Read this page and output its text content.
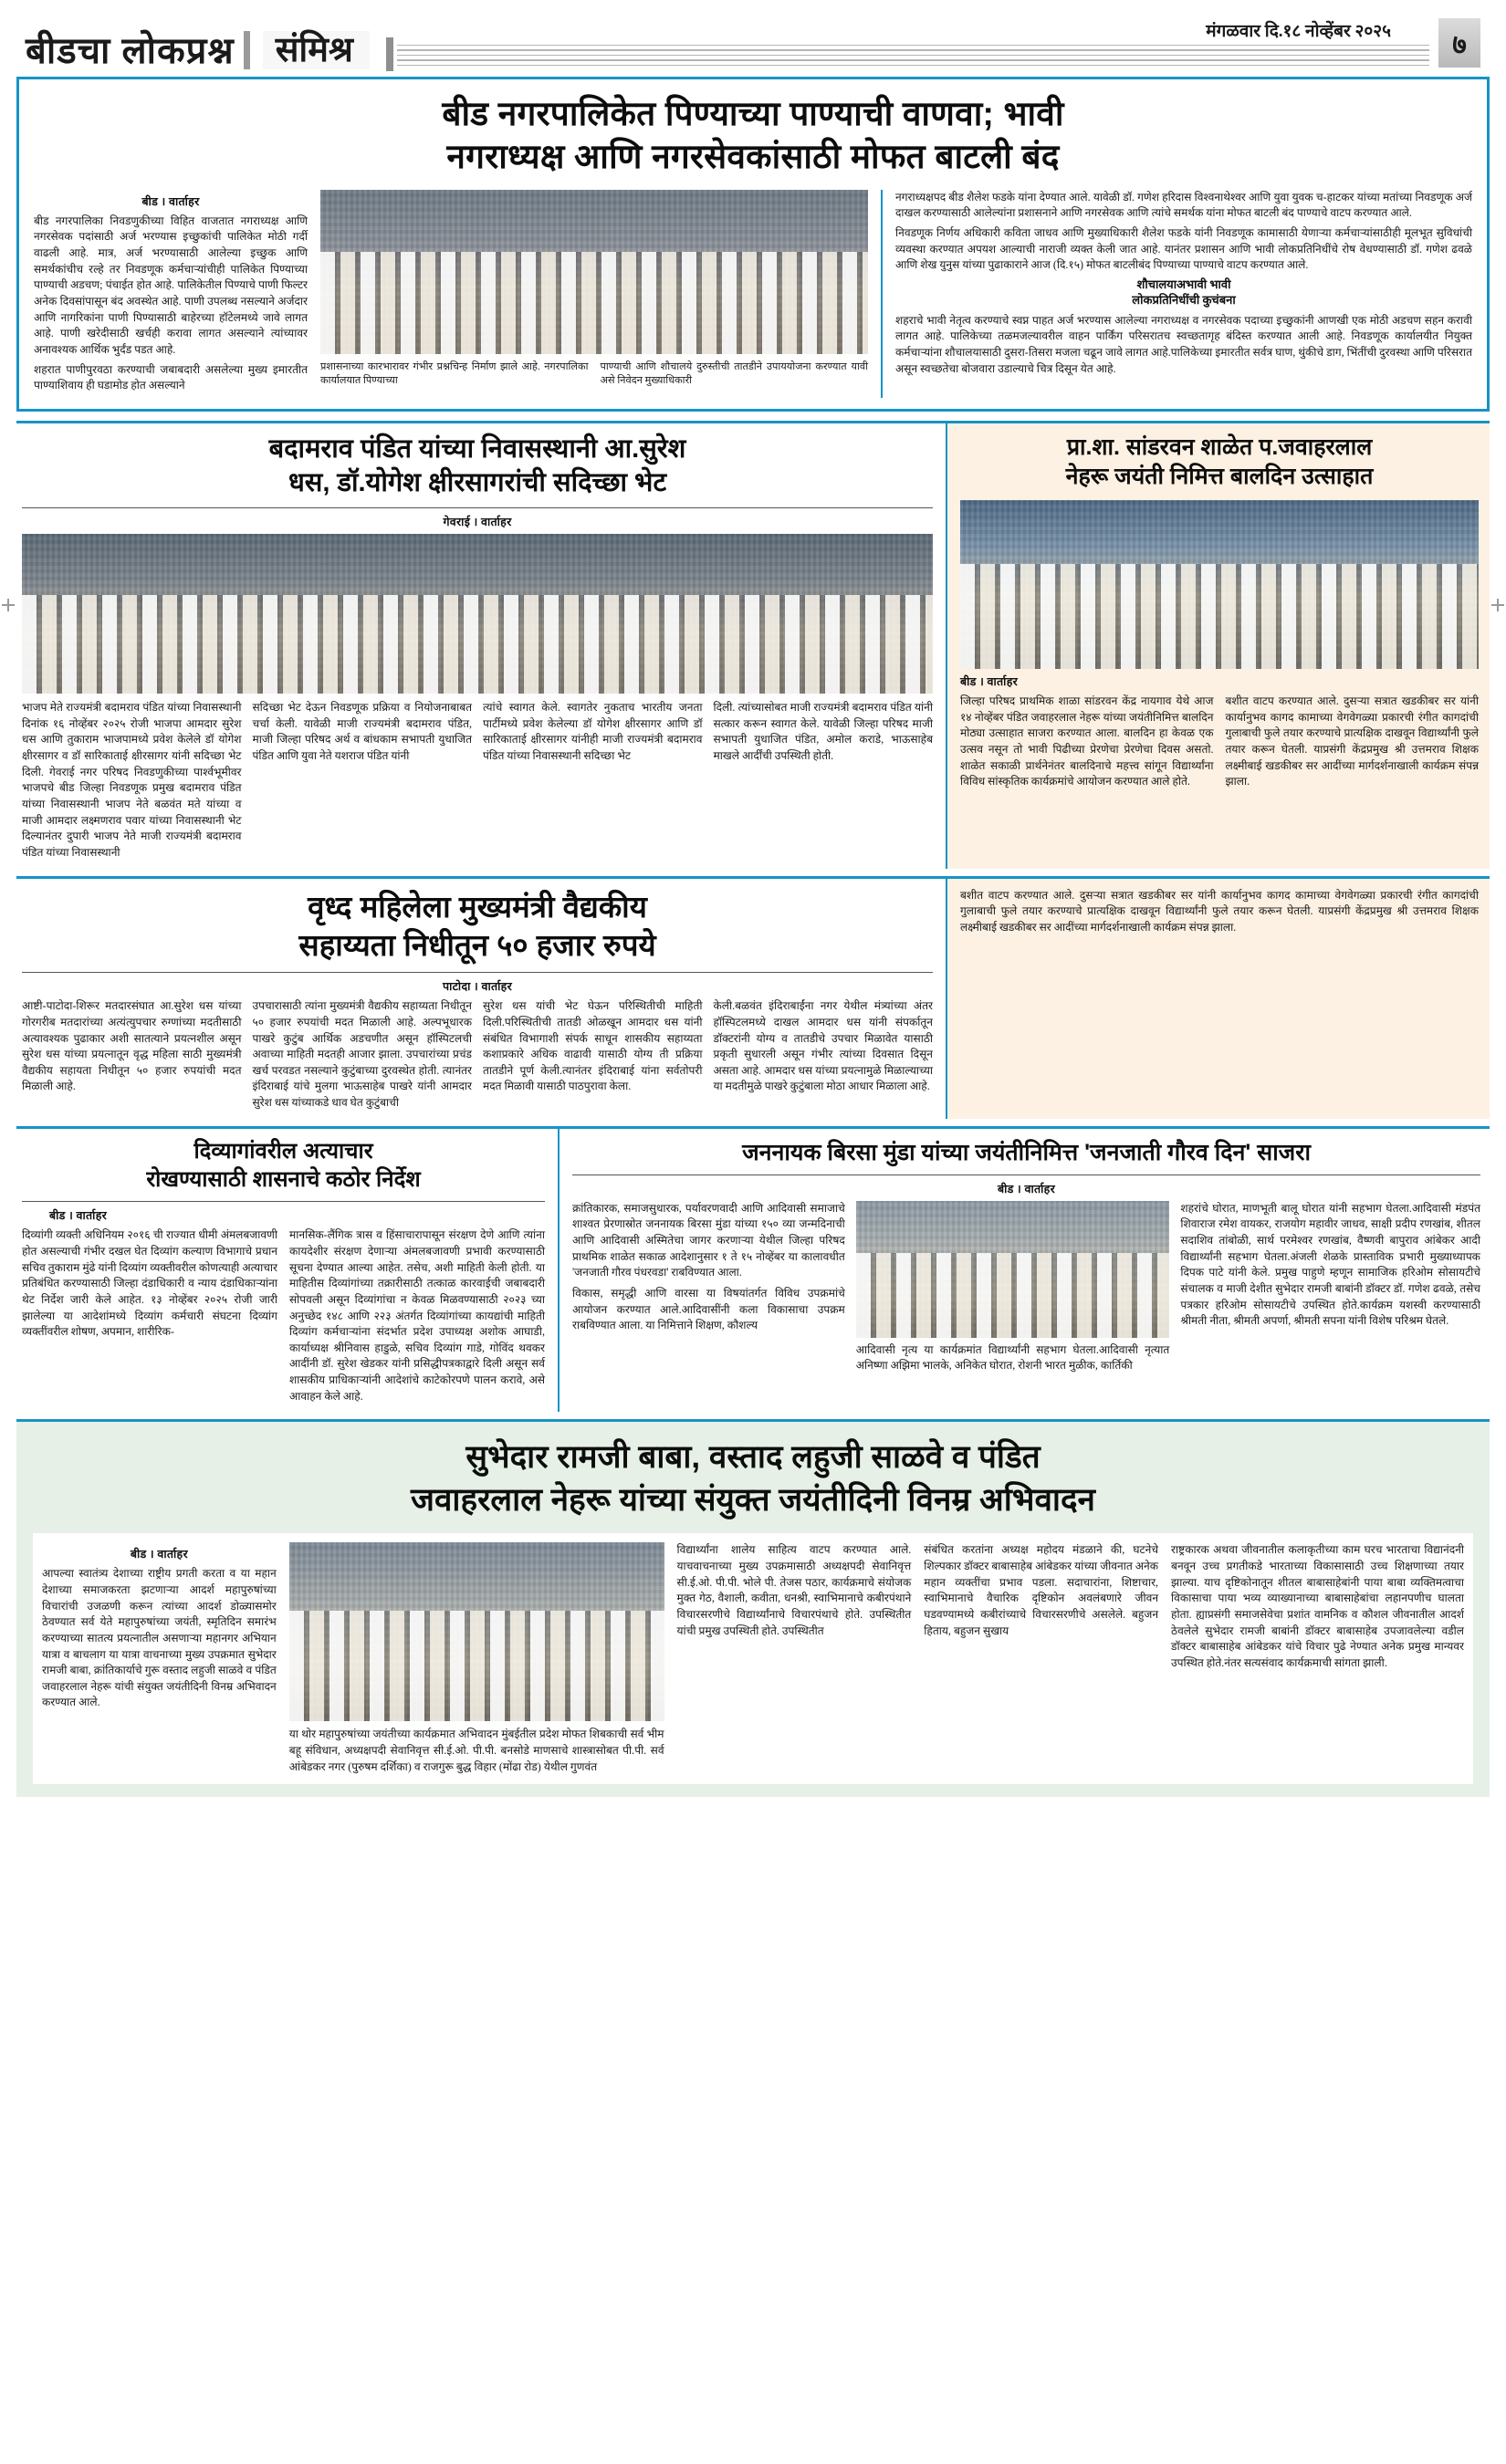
बीडचा लोकप्रश्न	संमिश्र	मंगळवार दि.१८ नोव्हेंबर २०२५	७
बीड नगरपालिकेत पिण्याच्या पाण्याची वाणवा; भावी
नगराध्यक्ष आणि नगरसेवकांसाठी मोफत बाटली बंद
बीड । वार्ताहर

बीड नगरपालिका निवडणुकीच्या विहित वाजतात नगराध्यक्ष आणि नगरसेवक पदांसाठी अर्ज भरण्यास इच्छुकांची पालिकेत मोठी गर्दी वाढली आहे. मात्र, अर्ज भरण्यासाठी आलेल्या इच्छुक आणि समर्थकांचीच रल्हे तर निवडणूक कर्मचार्‍यांचीही पालिकेत पिण्याच्या पाण्याची अडचण; पंचाईत होत आहे. पालिकेतील पिण्याचे पाणी फिल्टर अनेक दिवसांपासून बंद अवस्थेत आहे. पाणी उपलब्ध नसल्याने अर्जदार आणि नागरिकांना पाणी पिण्यासाठी बाहेरच्या हॉटेलमध्ये जावे लागत आहे. पाणी खरेदीसाठी खर्चही करावा लागत असल्याने त्यांच्यावर अनावश्यक आर्थिक भुर्दंड पडत आहे.

शहरात पाणीपुरवठा करण्याची जबाबदारी असलेल्या मुख्य इमारतीत पाण्याशिवाय ही घडामोड होत असल्याने

प्रशासनाच्या कारभारावर गंभीर प्रश्नचिन्ह निर्माण झाले आहे. नगरपालिका कार्यालयात पिण्याच्या
पाण्याची आणि शौचालये दुरुस्तीची तातडीने उपाययोजना करण्यात यावी असे निवेदन मुख्याधिकारी

नगराध्यक्षपद बीड शैलेश फडके यांना देण्यात आले. यावेळी डॉ. गणेश हरिदास विश्वनाथेश्वर आणि युवा युवक च-हाटकर यांच्या मतांच्या निवडणूक अर्ज दाखल करण्यासाठी आलेल्यांना प्रशासनाने आणि नगरसेवक आणि त्यांचे समर्थक यांना मोफत बाटली बंद पाण्याचे वाटप करण्यात आले.

निवडणूक निर्णय अधिकारी कविता जाधव आणि मुख्याधिकारी शैलेश फडके यांनी निवडणूक कामासाठी येणार्‍या कर्मचार्‍यांसाठीही मूलभूत सुविधांची व्यवस्था करण्यात अपयश आल्याची नाराजी व्यक्त केली जात आहे. यानंतर प्रशासन आणि भावी लोकप्रतिनिधींचे रोष वेधण्यासाठी डॉ. गणेश ढवळे आणि शेख युनुस यांच्या पुढाकाराने आज (दि.१५) मोफत बाटलीबंद पिण्याच्या पाण्याचे वाटप करण्यात आले.

शौचालयाअभावी भावी
लोकप्रतिनिधींची कुचंबना

शहराचे भावी नेतृत्व करण्याचे स्वप्न पाहत अर्ज भरण्यास आलेल्या नगराध्यक्ष व नगरसेवक पदाच्या इच्छुकांनी आणखी एक मोठी अडचण सहन करावी लागत आहे. पालिकेच्या तळमजल्यावरील वाहन पार्किंग परिसरातच स्वच्छतागृह बंदिस्त करण्यात आली आहे. निवडणूक कार्यालयीत नियुक्त कर्मचार्‍यांना शौचालयासाठी दुसरा-तिसरा मजला चढून जावे लागत आहे.पालिकेच्या इमारतीत सर्वत्र घाण, थुंकीचे डाग, भिंतींची दुरवस्था आणि परिसरात असून स्वच्छतेचा बोजवारा उडाल्याचे चित्र दिसून येत आहे.

बदामराव पंडित यांच्या निवासस्थानी आ.सुरेश
धस, डॉ.योगेश क्षीरसागरांची सदिच्छा भेट
गेवराई । वार्ताहर
भाजप मेते राज्यमंत्री बदामराव पंडित यांच्या निवासस्थानी दिनांक १६ नोव्हेंबर २०२५ रोजी भाजपा आमदार सुरेश धस आणि तुकाराम भाजपामध्ये प्रवेश केलेले डॉ योगेश क्षीरसागर व डॉ सारिकाताई क्षीरसागर यांनी सदिच्छा भेट दिली. गेवराई नगर परिषद निवडणुकीच्या पार्श्वभूमीवर भाजपचे बीड जिल्हा निवडणूक प्रमुख बदामराव पंडित यांच्या निवासस्थानी भाजप नेते बळवंत मते यांच्या व माजी आमदार लक्ष्मणराव पवार यांच्या निवासस्थानी भेट दिल्यानंतर दुपारी भाजप नेते माजी राज्यमंत्री बदामराव पंडित यांच्या निवासस्थानी
सदिच्छा भेट देऊन निवडणूक प्रक्रिया व नियोजनाबाबत चर्चा केली. यावेळी माजी राज्यमंत्री बदामराव पंडित, माजी जिल्हा परिषद अर्थ व बांधकाम सभापती युधाजित पंडित आणि युवा नेते यशराज पंडित यांनी
त्यांचे स्वागत केले. स्वागतेर नुकताच भारतीय जनता पार्टीमध्ये प्रवेश केलेल्या डॉ योगेश क्षीरसागर आणि डॉ सारिकाताई क्षीरसागर यांनीही माजी राज्यमंत्री बदामराव पंडित यांच्या निवासस्थानी सदिच्छा भेट
दिली. त्यांच्यासोबत माजी राज्यमंत्री बदामराव पंडित यांनी सत्कार करून स्वागत केले. यावेळी जिल्हा परिषद माजी सभापती युधाजित पंडित, अमोल कराडे, भाऊसाहेब माखले आर्दींची उपस्थिती होती.
प्रा.शा. सांडरवन शाळेत प.जवाहरलाल
नेहरू जयंती निमित्त बालदिन उत्साहात
बीड । वार्ताहर
जिल्हा परिषद प्राथमिक शाळा सांडरवन केंद्र नायगाव येथे आज १४ नोव्हेंबर पंडित जवाहरलाल नेहरू यांच्या जयंतीनिमित्त बालदिन मोठ्या उत्साहात साजरा करण्यात आला. बालदिन हा केवळ एक उत्सव नसून तो भावी पिढीच्या प्रेरणेचा प्रेरणेचा दिवस असतो. शाळेत सकाळी प्रार्थनेनंतर बालदिनाचे महत्त्व सांगून विद्यार्थ्यांना विविध सांस्कृतिक कार्यक्रमांचे आयोजन करण्यात आले होते.
बशीत वाटप करण्यात आले. दुसऱ्या सत्रात खडकीबर सर यांनी कार्यानुभव कागद कामाच्या वेगवेगळ्या प्रकारची रंगीत कागदांची गुलाबाची फुले तयार करण्याचे प्रात्यक्षिक दाखवून विद्यार्थ्यांनी फुले तयार करून घेतली. याप्रसंगी केंद्रप्रमुख श्री उत्तमराव शिक्षक लक्ष्मीबाई खडकीबर सर आदींच्या मार्गदर्शनाखाली कार्यक्रम संपन्न झाला.
वृध्द महिलेला मुख्यमंत्री वैद्यकीय
सहाय्यता निधीतून ५० हजार रुपये
पाटोदा । वार्ताहर
आष्टी-पाटोदा-शिरूर मतदारसंघात आ.सुरेश धस यांच्या गोरगरीब मतदारांच्या अत्यंत्युपचार रुग्णांच्या मदतीसाठी अत्यावश्यक पुढाकार अशी सातत्याने प्रयत्नशील असून सुरेश धस यांच्या प्रयत्नातून वृद्ध महिला साठी मुख्यमंत्री वैद्यकीय सहायता निधीतून ५० हजार रुपयांची मदत मिळाली आहे.
उपचारासाठी त्यांना मुख्यमंत्री वैद्यकीय सहाय्यता निधीतून ५० हजार रुपयांची मदत मिळाली आहे. अल्पभूधारक पाखरे कुटुंब आर्थिक अडचणीत असून हॉस्पिटलची अवाच्या माहिती मदतही आजार झाला. उपचारांच्या प्रचंड खर्च परवडत नसल्याने कुटुंबाच्या दुरवस्थेत होती. त्यानंतर इंदिराबाई यांचे मुलगा भाऊसाहेब पाखरे यांनी आमदार सुरेश धस यांच्याकडे धाव घेत कुटुंबाची
सुरेश धस यांची भेट घेऊन परिस्थितीची माहिती दिली.परिस्थितीची तातडी ओळखून आमदार धस यांनी संबंधित विभागाशी संपर्क साधून शासकीय सहाय्यता कशाप्रकारे अधिक वाढावी यासाठी योग्य ती प्रक्रिया तातडीने पूर्ण केली.त्यानंतर इंदिराबाई यांना सर्वतोपरी मदत मिळावी यासाठी पाठपुरावा केला.
केली.बळवंत इंदिराबाईंना नगर येथील मंत्र्यांच्या अंतर हॉस्पिटलमध्ये दाखल आमदार धस यांनी संपर्कातून डॉक्टरांनी योग्य व तातडीचे उपचार मिळावेत यासाठी प्रकृती सुधारली असून गंभीर त्यांच्या दिवसात दिसून असता आहे. आमदार धस यांच्या प्रयत्नामुळे मिळाल्याच्या या मदतीमुळे पाखरे कुटुंबाला मोठा आधार मिळाला आहे.
बशीत वाटप करण्यात आले. दुसऱ्या सत्रात खडकीबर सर यांनी कार्यानुभव कागद कामाच्या वेगवेगळ्या प्रकारची रंगीत कागदांची गुलाबाची फुले तयार करण्याचे प्रात्यक्षिक दाखवून विद्यार्थ्यांनी फुले तयार करून घेतली. याप्रसंगी केंद्रप्रमुख श्री उत्तमराव शिक्षक लक्ष्मीबाई खडकीबर सर आदींच्या मार्गदर्शनाखाली कार्यक्रम संपन्न झाला.
दिव्यागांवरील अत्याचार
रोखण्यासाठी शासनाचे कठोर निर्देश
बीड । वार्ताहर
दिव्यांगी व्यक्ती अधिनियम २०१६ ची राज्यात धीमी अंमलबजावणी होत असल्याची गंभीर दखल घेत दिव्यांग कल्याण विभागाचे प्रधान सचिव तुकाराम मुंढे यांनी दिव्यांग व्यक्तीवरील कोणत्याही अत्याचार प्रतिबंधित करण्यासाठी जिल्हा दंडाधिकारी व न्याय दंडाधिकाऱ्यांना थेट निर्देश जारी केले आहेत. १३ नोव्हेंबर २०२५ रोजी जारी झालेल्या या आदेशांमध्ये दिव्यांग कर्मचारी संघटना दिव्यांग व्यक्तींवरील शोषण, अपमान, शारीरिक-
मानसिक-लैंगिक त्रास व हिंसाचारापासून संरक्षण देणे आणि त्यांना कायदेशीर संरक्षण देणाऱ्या अंमलबजावणी प्रभावी करण्यासाठी सूचना देण्यात आल्या आहेत. तसेच, अशी माहिती केली होती. या माहितीस दिव्यांगांच्या तक्रारीसाठी तत्काळ कारवाईची जबाबदारी सोपवली असून दिव्यांगांचा न केवळ मिळवण्यासाठी २०२३ च्या अनुच्छेद १४८ आणि २२३ अंतर्गत दिव्यांगांच्या कायद्यांची माहिती दिव्यांग कर्मचाऱ्यांना संदर्भात प्रदेश उपाध्यक्ष अशोक आघाडी, कार्याध्यक्ष श्रीनिवास हाडुळे, सचिव दिव्यांग गाडे, गोविंद थवकर आदींनी डॉ. सुरेश खेडकर यांनी प्रसिद्धीपत्रकाद्वारे दिली असून सर्व शासकीय प्राधिकाऱ्यांनी आदेशांचे काटेकोरपणे पालन करावे, असे आवाहन केले आहे.
जननायक बिरसा मुंडा यांच्या जयंतीनिमित्त 'जनजाती गौरव दिन' साजरा
बीड । वार्ताहर
क्रांतिकारक, समाजसुधारक, पर्यावरणवादी आणि आदिवासी समाजाचे शाश्वत प्रेरणास्रोत जननायक बिरसा मुंडा यांच्या १५० व्या जन्मदिनाची आणि आदिवासी अस्मितेचा जागर करणाऱ्या येथील जिल्हा परिषद प्राथमिक शाळेत सकाळ आदेशानुसार १ ते १५ नोव्हेंबर या कालावधीत 'जनजाती गौरव पंधरवडा' राबविण्यात आला.
विकास, समृद्धी आणि वारसा या विषयांतर्गत विविध उपक्रमांचे आयोजन करण्यात आले.आदिवासींनी कला विकासाचा उपक्रम राबविण्यात आला. या निमित्ताने शिक्षण, कौशल्य
आदिवासी नृत्य या कार्यक्रमांत विद्यार्थ्यांनी सहभाग घेतला.आदिवासी नृत्यात अनिष्णा अझिमा भालके, अनिकेत घोरात, रोशनी भारत मुळीक, कार्तिकी
शहरांचे घोरात, माणभूती बालू घोरात यांनी सहभाग घेतला.आदिवासी मंडपंत शिवाराज रमेश वायकर, राजयोग महावीर जाधव, साक्षी प्रदीप रणखांब, शीतल सदाशिव तांबोळी, सार्थ परमेश्वर रणखांब, वैष्णवी बापुराव आंबेकर आदी विद्यार्थ्यांनी सहभाग घेतला.अंजली शेळके प्रास्ताविक प्रभारी मुख्याध्यापक दिपक पाटे यांनी केले. प्रमुख पाहुणे म्हणून सामाजिक हरिओम सोसायटीचे संचालक व माजी देशीत सुभेदार रामजी बाबांनी डॉक्टर डॉ. गणेश ढवळे, तसेच पत्रकार हरिओम सोसायटीचे उपस्थित होते.कार्यक्रम यशस्वी करण्यासाठी श्रीमती नीता, श्रीमती अपर्णा, श्रीमती सपना यांनी विशेष परिश्रम घेतले.
सुभेदार रामजी बाबा, वस्ताद लहुजी साळवे व पंडित
जवाहरलाल नेहरू यांच्या संयुक्त जयंतीदिनी विनम्र अभिवादन
बीड । वार्ताहर
आपल्या स्वातंत्र्य देशाच्या राष्ट्रीय प्रगती करता व या महान देशाच्या समाजकरता झटणाऱ्या आदर्श महापुरुषांच्या विचारांची उजळणी करून त्यांच्या आदर्श डोळ्यासमोर ठेवण्यात सर्व येते महापुरुषांच्या जयंती, स्मृतिदिन समारंभ करण्याच्या सातत्य प्रयत्नातील असणाऱ्या महानगर अभियान यात्रा व बाचलाग या यात्रा वाचनाच्या मुख्य उपक्रमात सुभेदार रामजी बाबा, क्रांतिकार्याचे गुरू वस्ताद लहुजी साळवे व पंडित जवाहरलाल नेहरू यांची संयुक्त जयंतीदिनी विनम्र अभिवादन करण्यात आले.
या थोर महापुरुषांच्या जयंतीच्या कार्यक्रमात अभिवादन मुंबईतील प्रदेश मोफत शिबकाची सर्व भीम बहू संविधान, अध्यक्षपदी सेवानिवृत्त सी.ई.ओ. पी.पी. बनसोडे माणसाचे शास्त्रासोबत पी.पी. सर्व आंबेडकर नगर (पुरुषम दर्शिका) व राजगुरू बुद्ध विहार (मोंढा रोड) येथील गुणवंत
विद्यार्थ्यांना शालेय साहित्य वाटप करण्यात आले. याचवाचनाच्या मुख्य उपक्रमासाठी अध्यक्षपदी सेवानिवृत्त सी.ई.ओ. पी.पी. भोले पी. तेजस पठार, कार्यक्रमाचे संयोजक मुक्त गेठ, वैशाली, कवीता, धनश्री, स्वाभिमानाचे कबीरपंथाने विचारसरणीचे विद्यार्थ्यांनाचे विचारपंथाचे होते. उपस्थितीत यांची प्रमुख उपस्थिती होते. उपस्थितीत
संबंधित करतांना अध्यक्ष महोदय मंडळाने की, घटनेचे शिल्पकार डॉक्टर बाबासाहेब आंबेडकर यांच्या जीवनात अनेक महान व्यक्तींचा प्रभाव पडला. सदाचारांना, शिष्टाचार, स्वाभिमानाचे वैचारिक दृष्टिकोन अवलंबणारे जीवन घडवण्यामध्ये कबीरांच्याचे विचारसरणीचे असलेले. बहुजन हिताय, बहुजन सुखाय
राष्ट्रकारक अथवा जीवनातील कलाकृतीच्या काम घरच भारताचा विद्यानंदनी बनवून उच्च प्रगतीकडे भारताच्या विकासासाठी उच्च शिक्षणाच्या तयार झाल्या. याच दृष्टिकोनातून शीतल बाबासाहेबांनी पाया बाबा व्यक्तिमत्वाचा विकासाचा पाया भव्य व्याख्यानाच्या बाबासाहेबांचा लहानपणीच घालता होता. ह्याप्रसंगी समाजसेवेचा प्रशांत वामनिक व कौशल जीवनातील आदर्श ठेवलेले सुभेदार रामजी बाबांनी डॉक्टर बाबासाहेब उपजावलेल्या वडील डॉक्टर बाबासाहेब आंबेडकर यांचे विचार पुढे नेण्यात अनेक प्रमुख मान्यवर उपस्थित होते.नंतर सत्यसंवाद कार्यक्रमाची सांगता झाली.
